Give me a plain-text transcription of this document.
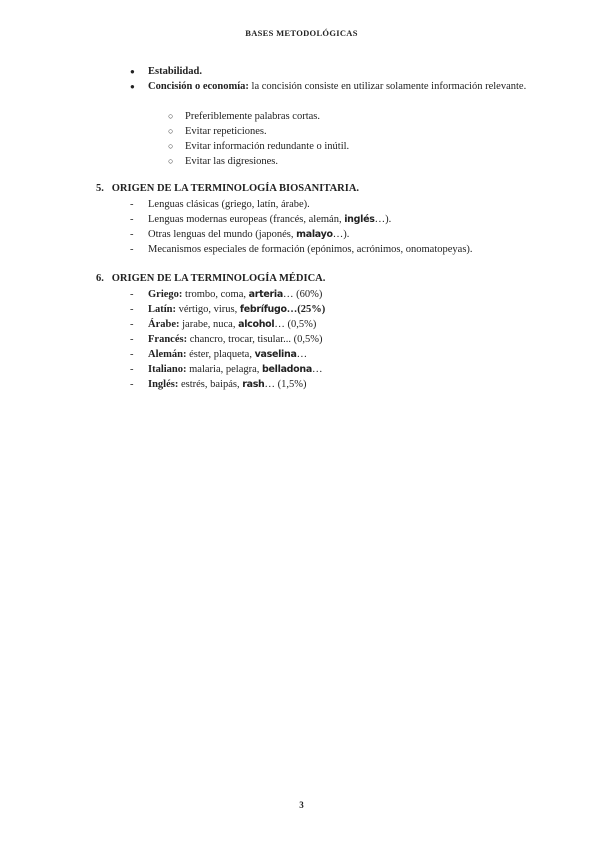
BASES METODOLÓGICAS
● Estabilidad.
● Concisión o economía: la concisión consiste en utilizar solamente información relevante.
○ Preferiblemente palabras cortas.
○ Evitar repeticiones.
○ Evitar información redundante o inútil.
○ Evitar las digresiones.
5.   ORIGEN DE LA TERMINOLOGÍA BIOSANITARIA.
- Lenguas clásicas (griego, latín, árabe).
- Lenguas modernas europeas (francés, alemán, inglés…).
- Otras lenguas del mundo (japonés, malayo…).
- Mecanismos especiales de formación (epónimos, acrónimos, onomatopeyas).
6.   ORIGEN DE LA TERMINOLOGÍA MÉDICA.
- Griego: trombo, coma, arteria… (60%)
- Latín: vértigo, virus, febrífugo…(25%)
- Árabe: jarabe, nuca, alcohol… (0,5%)
- Francés: chancro, trocar, tisular... (0,5%)
- Alemán: éster, plaqueta, vaselina…
- Italiano: malaria, pelagra, belladona…
- Inglés: estrés, baipás, rash… (1,5%)
3
